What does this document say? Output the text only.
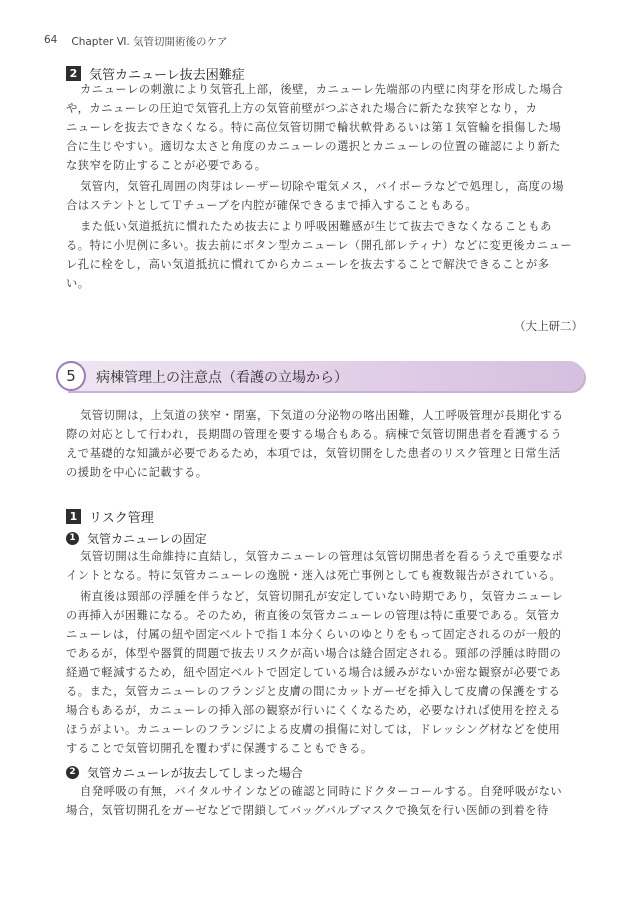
64 Chapter Ⅵ. 気管切開術後のケア
2 気管カニューレ抜去困難症
カニューレの刺激により気管孔上部，後壁，カニューレ先端部の内壁に肉芽を形成した場合
や，カニューレの圧迫で気管孔上方の気管前壁がつぶされた場合に新たな狭窄となり，カ
ニューレを抜去できなくなる。特に高位気管切開で輪状軟骨あるいは第１気管輪を損傷した場
合に生じやすい。適切な太さと角度のカニューレの選択とカニューレの位置の確認により新た
な狭窄を防止することが必要である。
気管内，気管孔周囲の肉芽はレーザー切除や電気メス，バイポーラなどで処理し，高度の場
合はステントとしてＴチューブを内腔が確保できるまで挿入することもある。
また低い気道抵抗に慣れたため抜去により呼吸困難感が生じて抜去できなくなることもあ
る。特に小児例に多い。抜去前にボタン型カニューレ（開孔部レティナ）などに変更後カニュー
レ孔に栓をし，高い気道抵抗に慣れてからカニューレを抜去することで解決できることが多
い。
（大上研二）
5	病棟管理上の注意点（看護の立場から）
気管切開は，上気道の狭窄・閉塞，下気道の分泌物の喀出困難，人工呼吸管理が長期化する
際の対応として行われ，長期間の管理を要する場合もある。病棟で気管切開患者を看護するう
えで基礎的な知識が必要であるため，本項では，気管切開をした患者のリスク管理と日常生活
の援助を中心に記載する。
1 リスク管理
1 気管カニューレの固定
気管切開は生命維持に直結し，気管カニューレの管理は気管切開患者を看るうえで重要なポ
イントとなる。特に気管カニューレの逸脱・迷入は死亡事例としても複数報告がされている。
術直後は頸部の浮腫を伴うなど，気管切開孔が安定していない時期であり，気管カニューレ
の再挿入が困難になる。そのため，術直後の気管カニューレの管理は特に重要である。気管カ
ニューレは，付属の紐や固定ベルトで指１本分くらいのゆとりをもって固定されるのが一般的
であるが，体型や器質的問題で抜去リスクが高い場合は縫合固定される。頸部の浮腫は時間の
経過で軽減するため，紐や固定ベルトで固定している場合は緩みがないか密な観察が必要であ
る。また，気管カニューレのフランジと皮膚の間にカットガーゼを挿入して皮膚の保護をする
場合もあるが，カニューレの挿入部の観察が行いにくくなるため，必要なければ使用を控える
ほうがよい。カニューレのフランジによる皮膚の損傷に対しては，ドレッシング材などを使用
することで気管切開孔を覆わずに保護することもできる。
2 気管カニューレが抜去してしまった場合
自発呼吸の有無，バイタルサインなどの確認と同時にドクターコールする。自発呼吸がない
場合，気管切開孔をガーゼなどで閉鎖してバッグバルブマスクで換気を行い医師の到着を待
